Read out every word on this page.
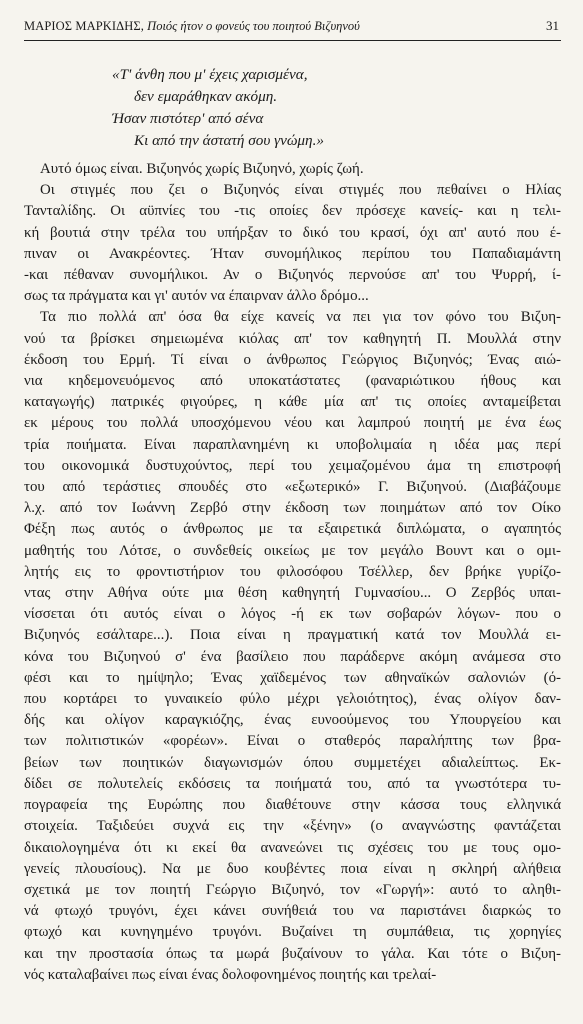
ΜΑΡΙΟΣ ΜΑΡΚΙΔΗΣ, Ποιός ήτον ο φονεύς του ποιητού Βιζυηνού	31
«Τ' άνθη που μ' έχεις χαρισμένα,
δεν εμαράθηκαν ακόμη.
Ήσαν πιστότερ' από σένα
Κι από την άστατή σου γνώμη.»

Αυτό όμως είναι. Βιζυηνός χωρίς Βιζυηνό, χωρίς ζωή.

Οι στιγμές που ζει ο Βιζυηνός είναι στιγμές που πεθαίνει ο Ηλίας
Τανταλίδης. Οι αϋπνίες του -τις οποίες δεν πρόσεχε κανείς- και η τελι-
κή βουτιά στην τρέλα του υπήρξαν το δικό του κρασί, όχι απ' αυτό που έ-
πιναν οι Ανακρέοντες. Ήταν συνομήλικος περίπου του Παπαδιαμάντη
-και πέθαναν συνομήλικοι. Αν ο Βιζυηνός περνούσε απ' του Ψυρρή, ί-
σως τα πράγματα και γι' αυτόν να έπαιρναν άλλο δρόμο...

Τα πιο πολλά απ' όσα θα είχε κανείς να πει για τον φόνο του Βιζυη-
νού τα βρίσκει σημειωμένα κιόλας απ' τον καθηγητή Π. Μουλλά στην
έκδοση του Ερμή. Τί είναι ο άνθρωπος Γεώργιος Βιζυηνός; Ένας αιώ-
νια κηδεμονευόμενος από υποκατάστατες (φαναριώτικου ήθους και
καταγωγής) πατρικές φιγούρες, η κάθε μία απ' τις οποίες ανταμείβεται
εκ μέρους του πολλά υποσχόμενου νέου και λαμπρού ποιητή με ένα έως
τρία ποιήματα. Είναι παραπλανημένη κι υποβολιμαία η ιδέα μας περί
του οικονομικά δυστυχούντος, περί του χειμαζομένου άμα τη επιστροφή
του από τεράστιες σπουδές στο «εξωτερικό» Γ. Βιζυηνού. (Διαβάζουμε
λ.χ. από τον Ιωάννη Ζερβό στην έκδοση των ποιημάτων από τον Οίκο
Φέξη πως αυτός ο άνθρωπος με τα εξαιρετικά διπλώματα, ο αγαπητός
μαθητής του Λότσε, ο συνδεθείς οικείως με τον μεγάλο Βουντ και ο ομι-
λητής εις το φροντιστήριον του φιλοσόφου Τσέλλερ, δεν βρήκε γυρίζο-
ντας στην Αθήνα ούτε μια θέση καθηγητή Γυμνασίου... Ο Ζερβός υπαι-
νίσσεται ότι αυτός είναι ο λόγος -ή εκ των σοβαρών λόγων- που ο
Βιζυηνός εσάλταρε...). Ποια είναι η πραγματική κατά τον Μουλλά ει-
κόνα του Βιζυηνού σ' ένα βασίλειο που παράδερνε ακόμη ανάμεσα στο
φέσι και το ημίψηλο; Ένας χαϊδεμένος των αθηναϊκών σαλονιών (ό-
που κορτάρει το γυναικείο φύλο μέχρι γελοιότητος), ένας ολίγον δαν-
δής και ολίγον καραγκιόζης, ένας ευνοούμενος του Υπουργείου και
των πολιτιστικών «φορέων». Είναι ο σταθερός παραλήπτης των βρα-
βείων των ποιητικών διαγωνισμών όπου συμμετέχει αδιαλείπτως. Εκ-
δίδει σε πολυτελείς εκδόσεις τα ποιήματά του, από τα γνωστότερα τυ-
πογραφεία της Ευρώπης που διαθέτουνε στην κάσσα τους ελληνικά
στοιχεία. Ταξιδεύει συχνά εις την «ξένην» (ο αναγνώστης φαντάζεται
δικαιολογημένα ότι κι εκεί θα ανανεώνει τις σχέσεις του με τους ομο-
γενείς πλουσίους). Να με δυο κουβέντες ποια είναι η σκληρή αλήθεια
σχετικά με τον ποιητή Γεώργιο Βιζυηνό, τον «Γωργή»: αυτό το αληθι-
νά φτωχό τρυγόνι, έχει κάνει συνήθειά του να παριστάνει διαρκώς το
φτωχό και κυνηγημένο τρυγόνι. Βυζαίνει τη συμπάθεια, τις χορηγίες
και την προστασία όπως τα μωρά βυζαίνουν το γάλα. Και τότε ο Βιζυη-
νός καταλαβαίνει πως είναι ένας δολοφονημένος ποιητής και τρελαί-
